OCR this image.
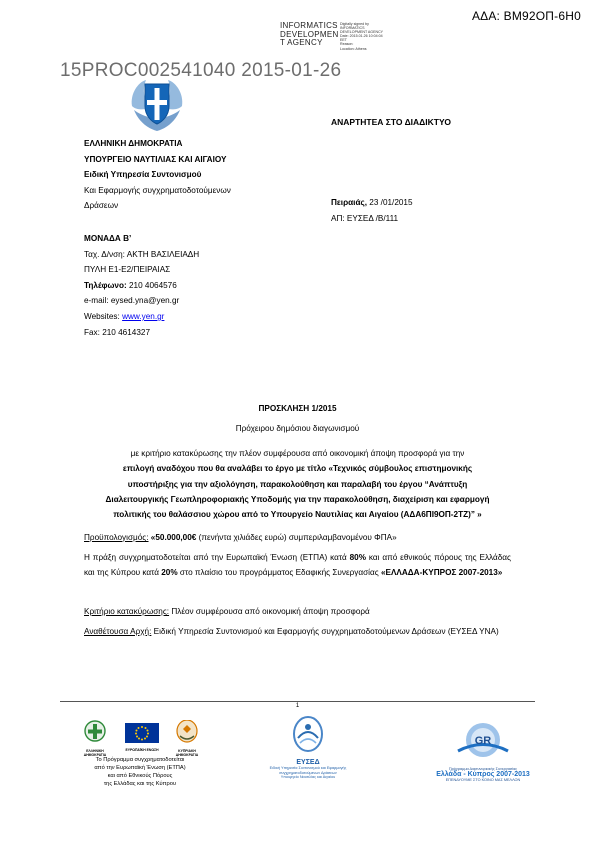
ΑΔΑ: ΒΜ92ΟΠ-6Η0
INFORMATICS
DEVELOPMEN
T AGENCY
Digitally signed by
INFORMATICS
DEVELOPMENT AGENCY
Date: 2015.01.26 10:04:04
EET
Reason:
Location: Athens
15PROC002541040 2015-01-26
ΑΝΑΡΤΗΤΕΑ ΣΤΟ ΔΙΑΔΙΚΤΥΟ
ΕΛΛΗΝΙΚΗ ΔΗΜΟΚΡΑΤΙΑ
ΥΠΟΥΡΓΕΙΟ ΝΑΥΤΙΛΙΑΣ ΚΑΙ ΑΙΓΑΙΟΥ
Ειδική Υπηρεσία Συντονισμού
Και Εφαρμογής συγχρηματοδοτούμενων
Δράσεων	Πειραιάς, 23 /01/2015
ΑΠ: ΕΥΣΕΔ /Β/111
ΜΟΝΑΔΑ Β’
Ταχ. Δ/νση: ΑΚΤΗ ΒΑΣΙΛΕΙΑΔΗ
ΠΥΛΗ Ε1-Ε2/ΠΕΙΡΑΙΑΣ
Τηλέφωνο: 210 4064576
e-mail: eysed.yna@yen.gr
Websites: www.yen.gr
Fax: 210 4614327
ΠΡΟΣΚΛΗΣΗ 1/2015
Πρόχειρου δημόσιου διαγωνισμού
με κριτήριο κατακύρωσης την πλέον συμφέρουσα από οικονομική άποψη προσφορά για την
επιλογή αναδόχου που θα αναλάβει το έργο με τίτλο «Τεχνικός σύμβουλος επιστημονικής
υποστήριξης για την αξιολόγηση, παρακολούθηση και παραλαβή του έργου “Ανάπτυξη
Διαλειτουργικής Γεωπληροφοριακής Υποδομής για την παρακολούθηση, διαχείριση και εφαρμογή
πολιτικής του θαλάσσιου χώρου από το Υπουργείο Ναυτιλίας και Αιγαίου (ΑΔΑ6ΠΙ9ΟΠ-2ΤΖ)” »
Προϋπολογισμός: «50.000,00€ (πενήντα χιλιάδες ευρώ) συμπεριλαμβανομένου ΦΠΑ»
Η πράξη συγχρηματοδοτείται από την Ευρωπαϊκή Ένωση (ΕΤΠΑ) κατά 80% και από εθνικούς πόρους της Ελλάδας και της Κύπρου κατά 20% στο πλαίσιο του προγράμματος Εδαφικής Συνεργασίας «ΕΛΛΑΔΑ-ΚΥΠΡΟΣ 2007-2013»
Κριτήριο κατακύρωσης: Πλέον συμφέρουσα από οικονομική άποψη προσφορά
Αναθέτουσα Αρχή: Ειδική Υπηρεσία Συντονισμού και Εφαρμογής συγχρηματοδοτούμενων Δράσεων (ΕΥΣΕΔ ΥΝΑ)
1
ΕΛΛΗΝΙΚΗ ΔΗΜΟΚΡΑΤΙΑ
ΕΥΡΩΠΑΪΚΗ ΕΝΩΣΗ	ΚΥΠΡΙΑΚΗ ΔΗΜΟΚΡΑΤΙΑ
Το Πρόγραμμα συγχρηματοδοτείται
από την Ευρωπαϊκή Ένωση (ΕΤΠΑ)
και από Εθνικούς Πόρους
της Ελλάδας και της Κύπρου
ΕΥΣΕΔ
Ειδική Υπηρεσία Συντονισμού και Εφαρμογής
συγχρηματοδοτούμενων Δράσεων
Υπουργείο Ναυτιλίας και Αιγαίου
GR
Πρόγραμμα Διασυνοριακής Συνεργασίας
Ελλάδα - Κύπρος 2007-2013
ΕΠΕΝΔΥΟΥΜΕ ΣΤΟ ΚΟΙΝΟ ΜΑΣ ΜΕΛΛΟΝ
